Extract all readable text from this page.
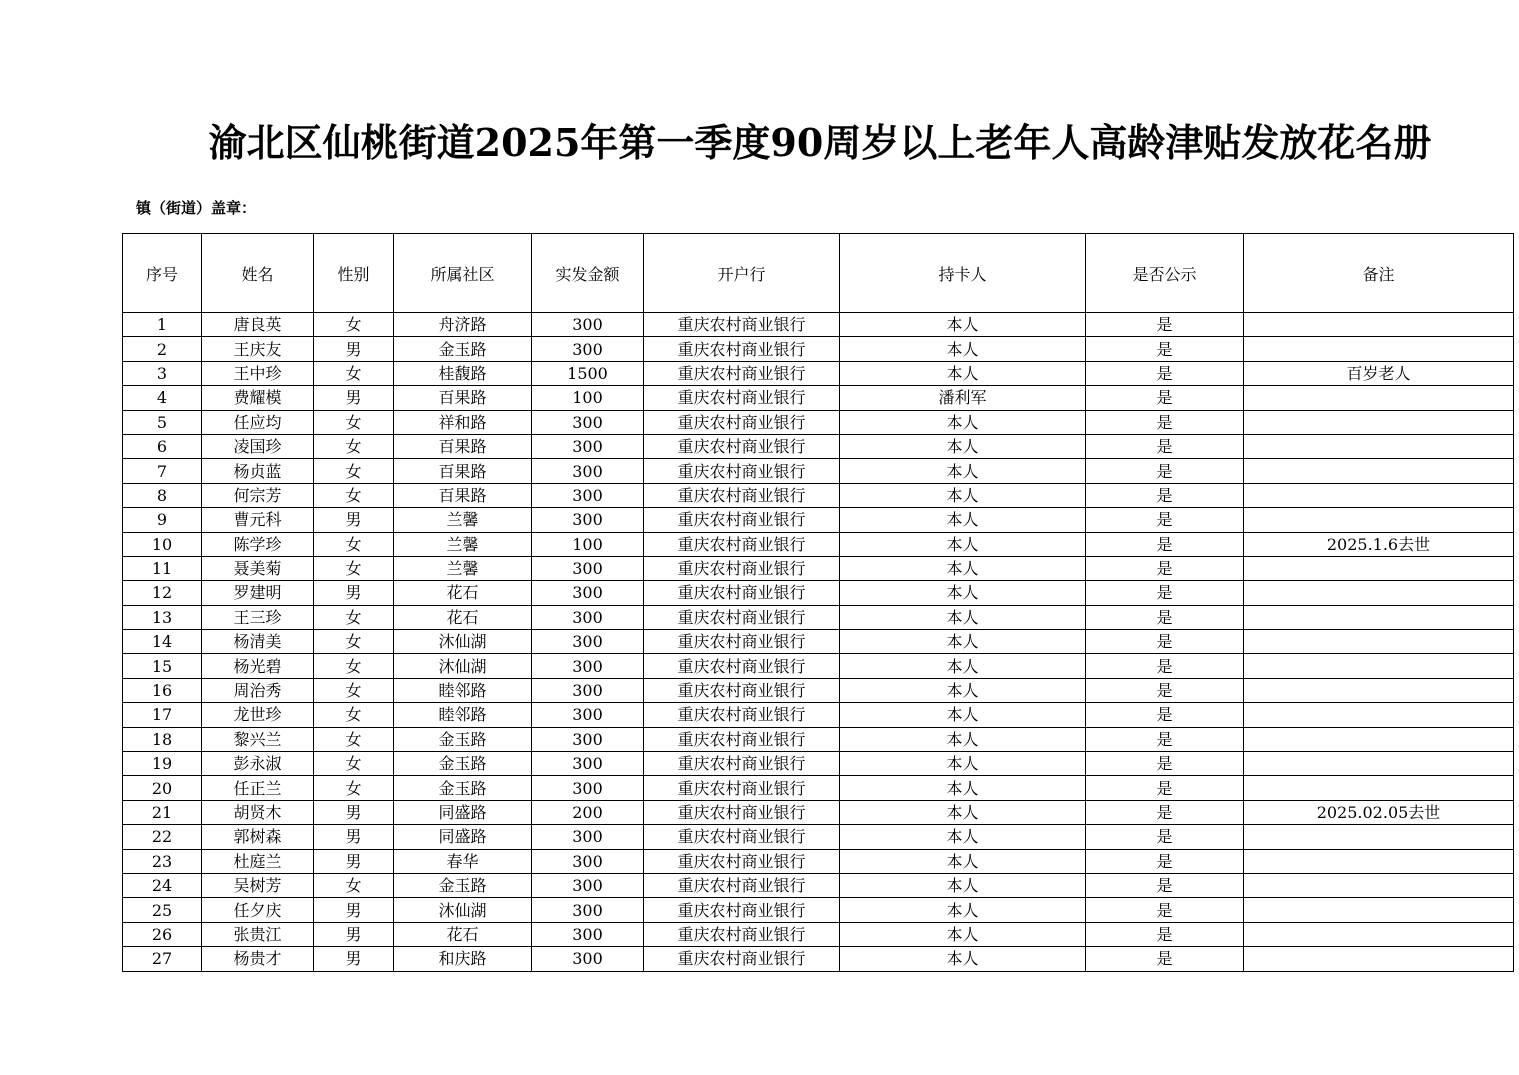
渝北区仙桃街道2025年第一季度90周岁以上老年人高龄津贴发放花名册
镇（街道）盖章：
序号	姓名	性别	所属社区	实发金额	开户行	持卡人	是否公示	备注
1	唐良英	女	舟济路	300	重庆农村商业银行	本人	是	
2	王庆友	男	金玉路	300	重庆农村商业银行	本人	是	
3	王中珍	女	桂馥路	1500	重庆农村商业银行	本人	是	百岁老人
4	费耀模	男	百果路	100	重庆农村商业银行	潘利军	是	
5	任应均	女	祥和路	300	重庆农村商业银行	本人	是	
6	凌国珍	女	百果路	300	重庆农村商业银行	本人	是	
7	杨贞蓝	女	百果路	300	重庆农村商业银行	本人	是	
8	何宗芳	女	百果路	300	重庆农村商业银行	本人	是	
9	曹元科	男	兰馨	300	重庆农村商业银行	本人	是	
10	陈学珍	女	兰馨	100	重庆农村商业银行	本人	是	2025.1.6去世
11	聂美菊	女	兰馨	300	重庆农村商业银行	本人	是	
12	罗建明	男	花石	300	重庆农村商业银行	本人	是	
13	王三珍	女	花石	300	重庆农村商业银行	本人	是	
14	杨清美	女	沐仙湖	300	重庆农村商业银行	本人	是	
15	杨光碧	女	沐仙湖	300	重庆农村商业银行	本人	是	
16	周治秀	女	睦邻路	300	重庆农村商业银行	本人	是	
17	龙世珍	女	睦邻路	300	重庆农村商业银行	本人	是	
18	黎兴兰	女	金玉路	300	重庆农村商业银行	本人	是	
19	彭永淑	女	金玉路	300	重庆农村商业银行	本人	是	
20	任正兰	女	金玉路	300	重庆农村商业银行	本人	是	
21	胡贤木	男	同盛路	200	重庆农村商业银行	本人	是	2025.02.05去世
22	郭树森	男	同盛路	300	重庆农村商业银行	本人	是	
23	杜庭兰	男	春华	300	重庆农村商业银行	本人	是	
24	吴树芳	女	金玉路	300	重庆农村商业银行	本人	是	
25	任夕庆	男	沐仙湖	300	重庆农村商业银行	本人	是	
26	张贵江	男	花石	300	重庆农村商业银行	本人	是	
27	杨贵才	男	和庆路	300	重庆农村商业银行	本人	是	
